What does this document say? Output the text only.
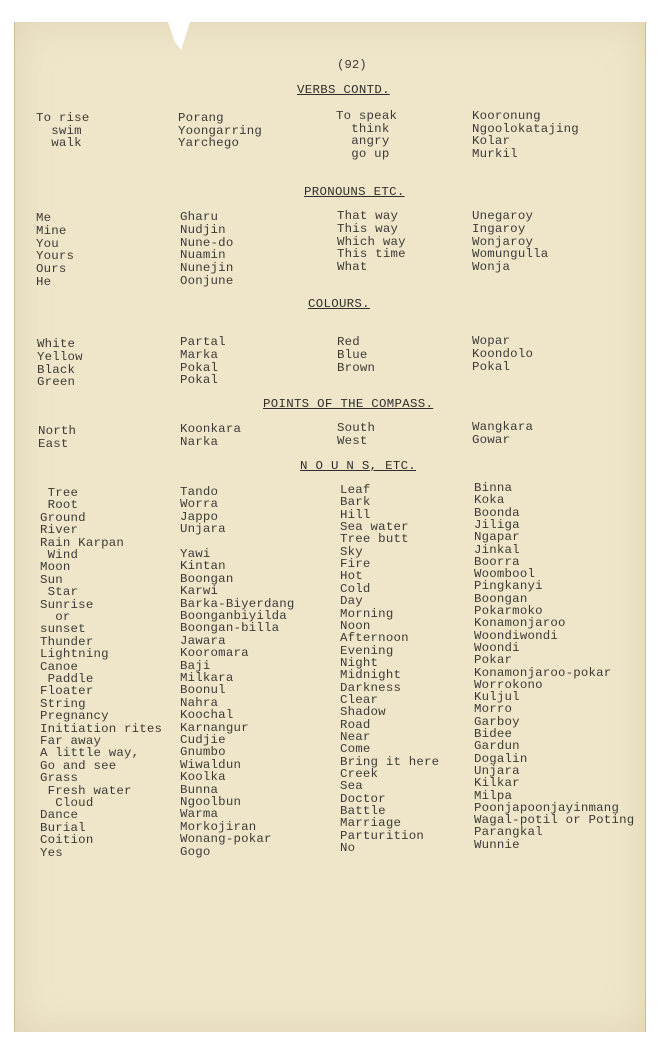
(92)
VERBS CONTD.
To rise
swim
walk
Porang
Yoongarring
Yarchego
To speak
think
angry
go up
Kooronung
Ngoolokatajing
Kolar
Murkil
PRONOUNS ETC.
Me
Mine
You
Yours
Ours
He
Gharu
Nudjin
Nune-do
Nuamin
Nunejin
Oonjune
That way
This way
Which way
This time
What
Unegaroy
Ingaroy
Wonjaroy
Womungulla
Wonja
COLOURS.
White
Yellow
Black
Green
Partal
Marka
Pokal
Pokal
Red
Blue
Brown
Wopar
Koondolo
Pokal
POINTS OF THE COMPASS.
North
East
Koonkara
Narka
South
West
Wangkara
Gowar
N O U N S, ETC.
Tree
Root
Ground
River
Rain Karpan
Wind
Moon
Sun
Star
Sunrise
or
sunset
Thunder
Lightning
Canoe
Paddle
Floater
String
Pregnancy
Initiation rites
Far away
A little way,
Go and see
Grass
Fresh water
Cloud
Dance
Burial
Coition
Yes
Tando
Worra
Jappo
Unjara
Yawi
Kintan
Boongan
Karwi
Barka-Biyerdang
Boonganbiyilda
Boongan-billa
Jawara
Kooromara
Baji
Milkara
Boonul
Nahra
Koochal
Karnangur
Cudjie
Gnumbo
Wiwaldun
Koolka
Bunna
Ngoolbun
Warma
Morkojiran
Wonang-pokar
Gogo
Leaf
Bark
Hill
Sea water
Tree butt
Sky
Fire
Hot
Cold
Day
Morning
Noon
Afternoon
Evening
Night
Midnight
Darkness
Clear
Shadow
Road
Near
Come
Bring it here
Creek
Sea
Doctor
Battle
Marriage
Parturition
No
Binna
Koka
Boonda
Jiliga
Ngapar
Jinkal
Boorra
Woombool
Pingkanyi
Boongan
Pokarmoko
Konamonjaroo
Woondiwondi
Woondi
Pokar
Konamonjaroo-pokar
Worrokono
Kuljul
Morro
Garboy
Bidee
Gardun
Dogalin
Unjara
Kilkar
Milpa
Poonjapoonjayinmang
Wagal-potil or Poting
Parangkal
Wunnie
